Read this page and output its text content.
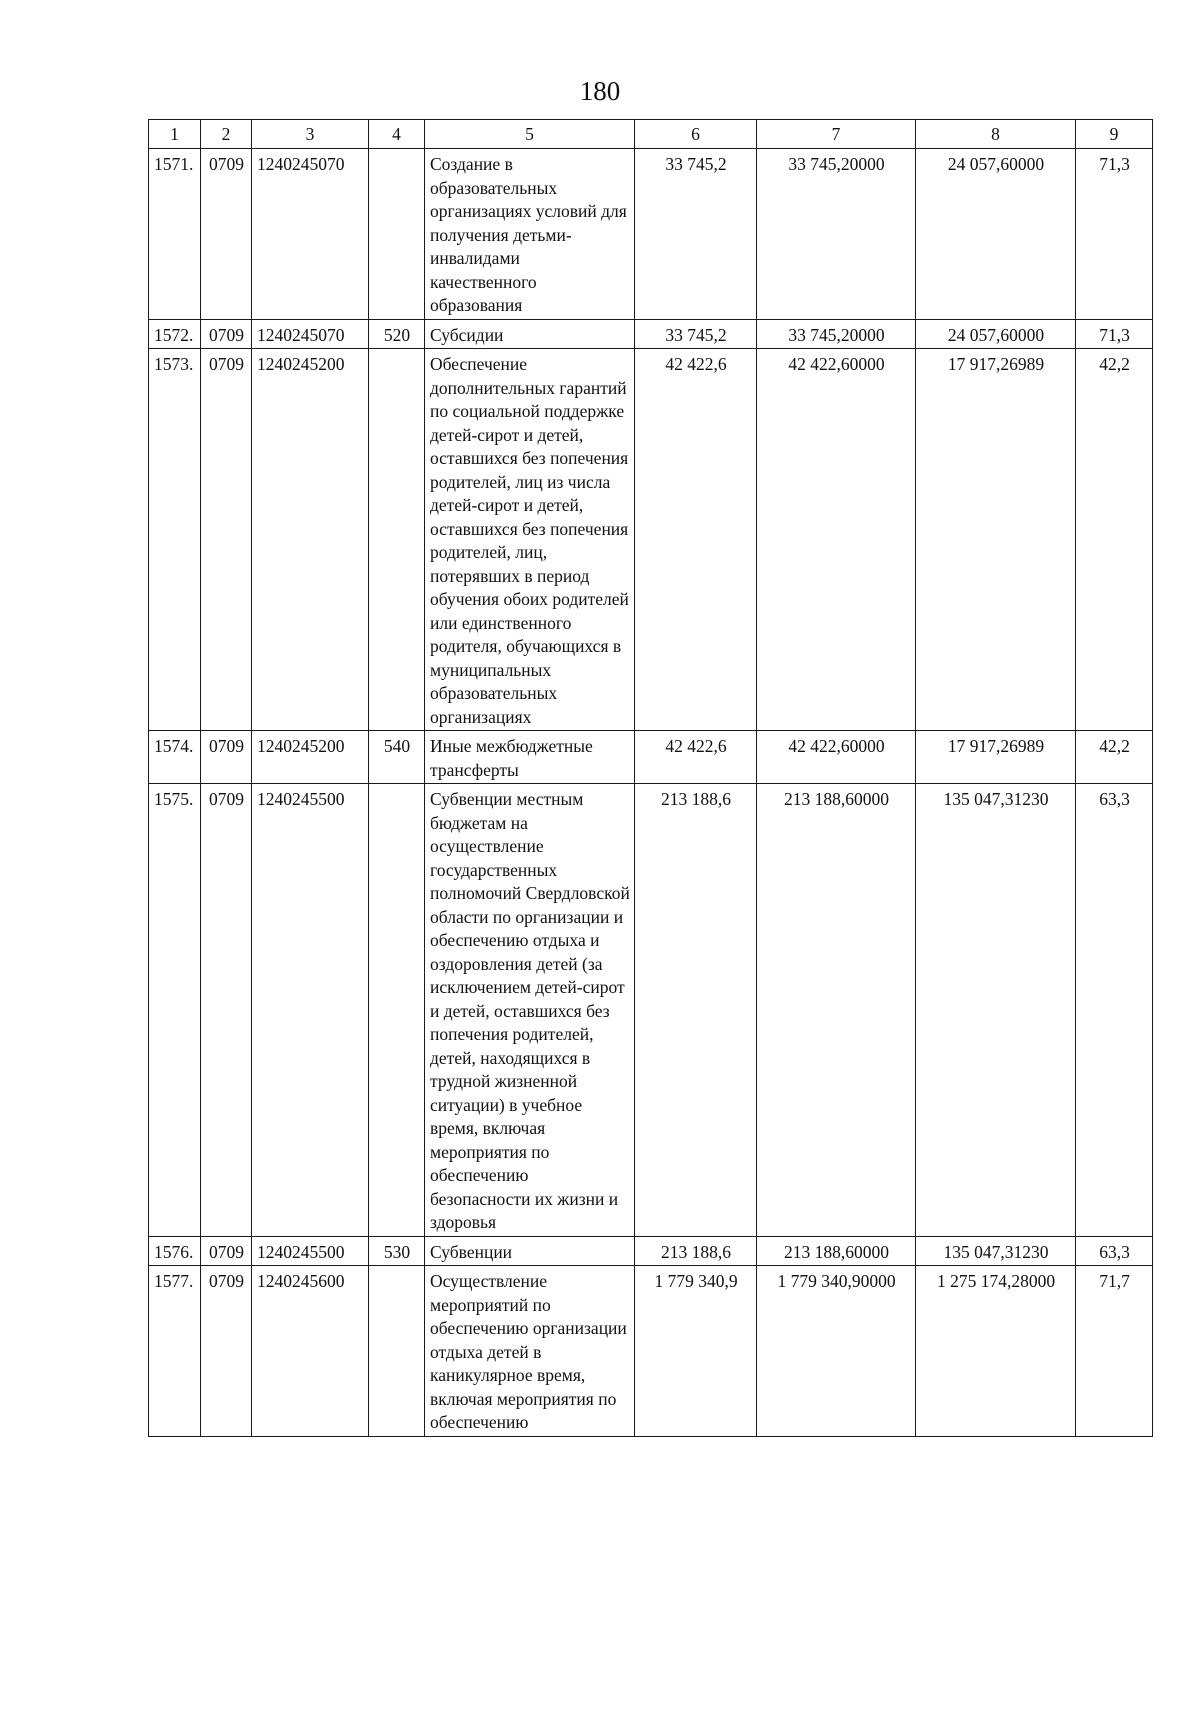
180
1	2	3	4	5	6	7	8	9
1571.	0709	1240245070		Создание в образовательных организациях условий для получения детьми-инвалидами качественного образования	33 745,2	33 745,20000	24 057,60000	71,3
1572.	0709	1240245070	520	Субсидии	33 745,2	33 745,20000	24 057,60000	71,3
1573.	0709	1240245200		Обеспечение дополнительных гарантий по социальной поддержке детей-сирот и детей, оставшихся без попечения родителей, лиц из числа детей-сирот и детей, оставшихся без попечения родителей, лиц, потерявших в период обучения обоих родителей или единственного родителя, обучающихся в муниципальных образовательных организациях	42 422,6	42 422,60000	17 917,26989	42,2
1574.	0709	1240245200	540	Иные межбюджетные трансферты	42 422,6	42 422,60000	17 917,26989	42,2
1575.	0709	1240245500		Субвенции местным бюджетам на осуществление государственных полномочий Свердловской области по организации и обеспечению отдыха и оздоровления детей (за исключением детей-сирот и детей, оставшихся без попечения родителей, детей, находящихся в трудной жизненной ситуации) в учебное время, включая мероприятия по обеспечению безопасности их жизни и здоровья	213 188,6	213 188,60000	135 047,31230	63,3
1576.	0709	1240245500	530	Субвенции	213 188,6	213 188,60000	135 047,31230	63,3
1577.	0709	1240245600		Осуществление мероприятий по обеспечению организации отдыха детей в каникулярное время, включая мероприятия по обеспечению	1 779 340,9	1 779 340,90000	1 275 174,28000	71,7
